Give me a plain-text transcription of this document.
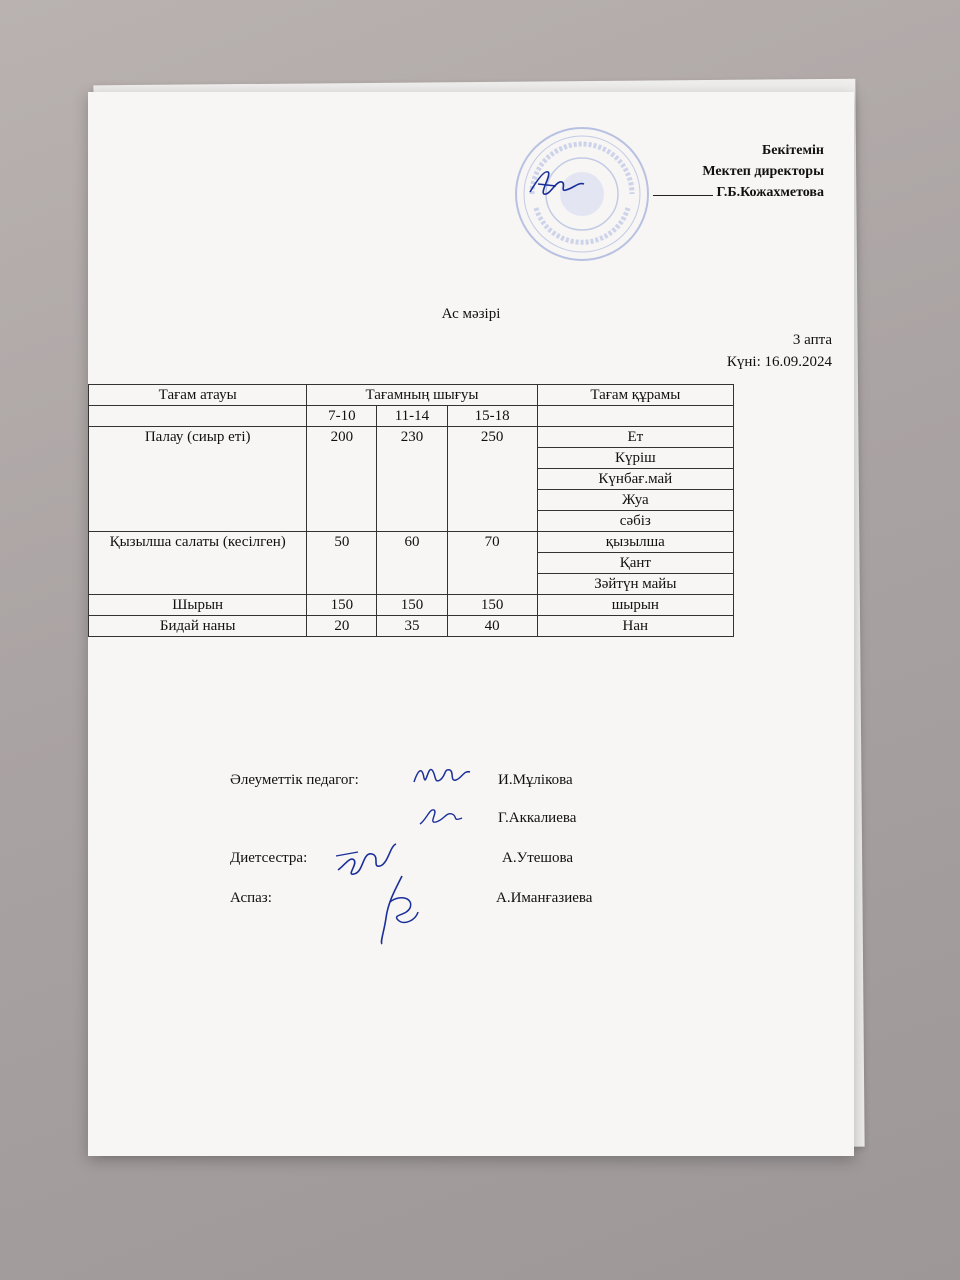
Бекітемін
Мектеп директоры
Г.Б.Кожахметова
Ас мәзірі
3 апта
Күні: 16.09.2024
Тағам атауы	Тағамның шығуы			Тағам құрамы
	7-10	11-14	15-18	
Палау (сиыр еті)	200	230	250	Ет
				Күріш
				Күнбағ.май
				Жуа
				сәбіз
Қызылша салаты (кесілген)	50	60	70	қызылша
				Қант
				Зәйтүн майы
Шырын	150	150	150	шырын
Бидай наны	20	35	40	Нан
Әлеуметтік педагог:	И.Мұлікова
Г.Аккалиева
Диетсестра:	А.Утешова
Аспаз:	А.Иманғазиева
